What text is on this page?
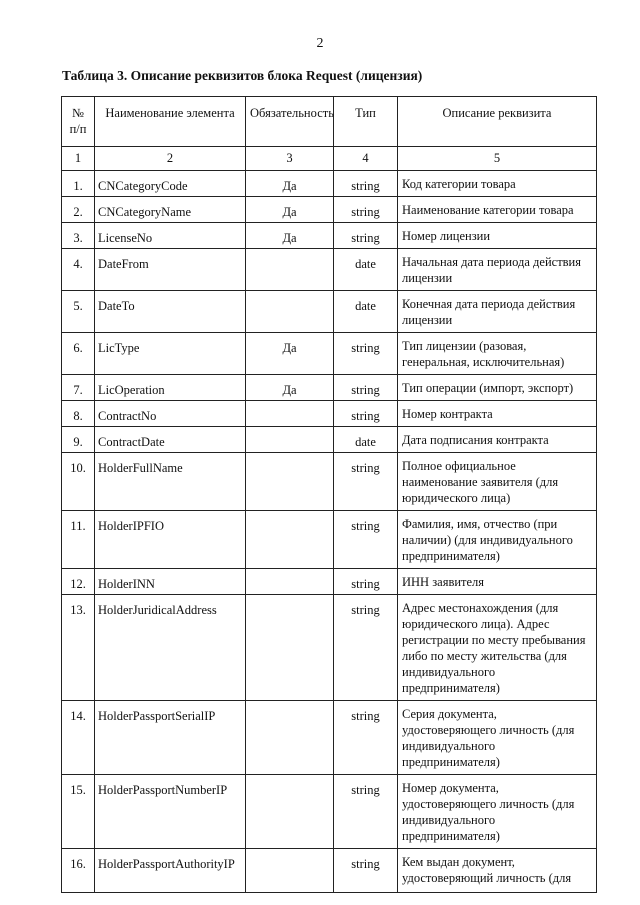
2
Таблица 3. Описание реквизитов блока Request (лицензия)
№ п/п	Наименование элемента	Обязательность	Тип	Описание реквизита
1	2	3	4	5
1.	CNCategoryCode	Да	string	Код категории товара
2.	CNCategoryName	Да	string	Наименование категории товара
3.	LicenseNo	Да	string	Номер лицензии
4.	DateFrom		date	Начальная дата периода действия лицензии
5.	DateTo		date	Конечная дата периода действия лицензии
6.	LicType	Да	string	Тип лицензии (разовая, генеральная, исключительная)
7.	LicOperation	Да	string	Тип операции (импорт, экспорт)
8.	ContractNo		string	Номер контракта
9.	ContractDate		date	Дата подписания контракта
10.	HolderFullName		string	Полное официальное наименование заявителя (для юридического лица)
11.	HolderIPFIO		string	Фамилия, имя, отчество (при наличии) (для индивидуального предпринимателя)
12.	HolderINN		string	ИНН заявителя
13.	HolderJuridicalAddress		string	Адрес местонахождения (для юридического лица). Адрес регистрации по месту пребывания либо по месту жительства (для индивидуального предпринимателя)
14.	HolderPassportSerialIP		string	Серия документа, удостоверяющего личность (для индивидуального предпринимателя)
15.	HolderPassportNumberIP		string	Номер документа, удостоверяющего личность (для индивидуального предпринимателя)
16.	HolderPassportAuthorityIP		string	Кем выдан документ, удостоверяющий личность (для
